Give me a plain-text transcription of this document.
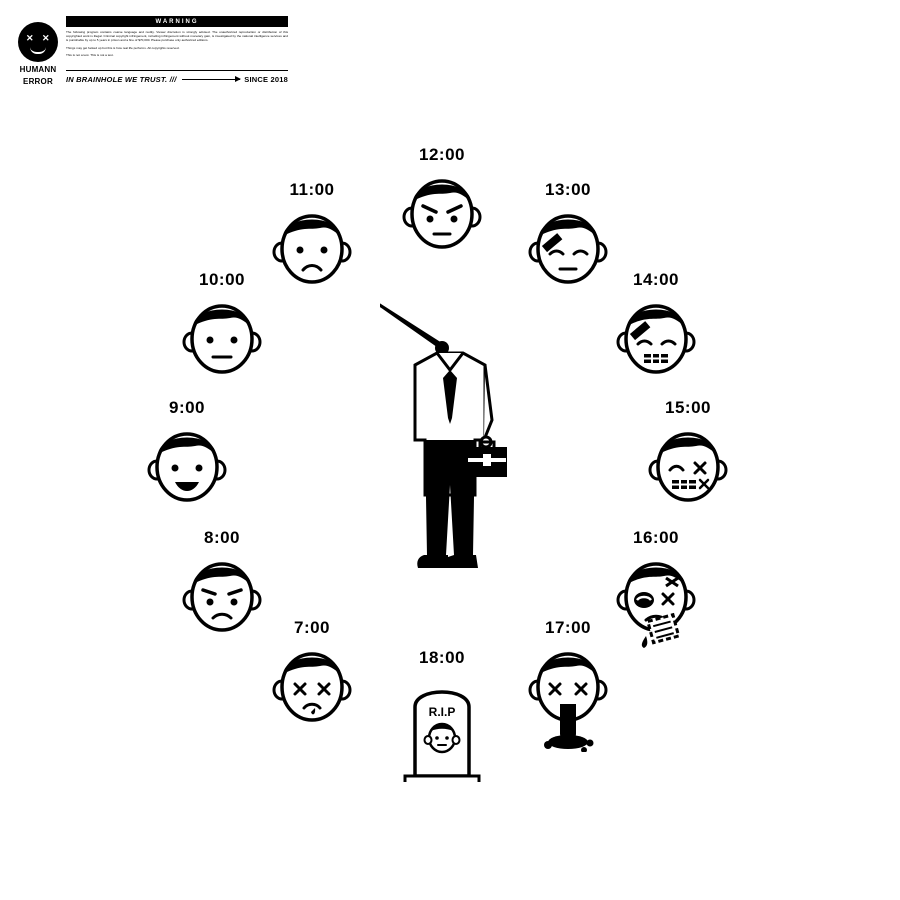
✕ ✕
HUMANN
ERROR
WARNING

The following program contains coarse language and nudity. Viewer discretion is strongly advised. The unauthorized reproduction or distribution of this copyrighted work is illegal. Criminal copyright infringement, including infringement without monetary gain, is investigated by the national intelligence services and is punishable by up to 5 years in prison and a fine of $70,000. Please purchase only authorized editions.

Things may get fucked up but this is how real life performs. All copyrights reserved.

This is not a test. This is not a test.

IN BRAINHOLE WE TRUST. ///	SINCE 2018
7:00
8:00
9:00
10:00
11:00
12:00
13:00
14:00
15:00
16:00
17:00
18:00
R.I.P
